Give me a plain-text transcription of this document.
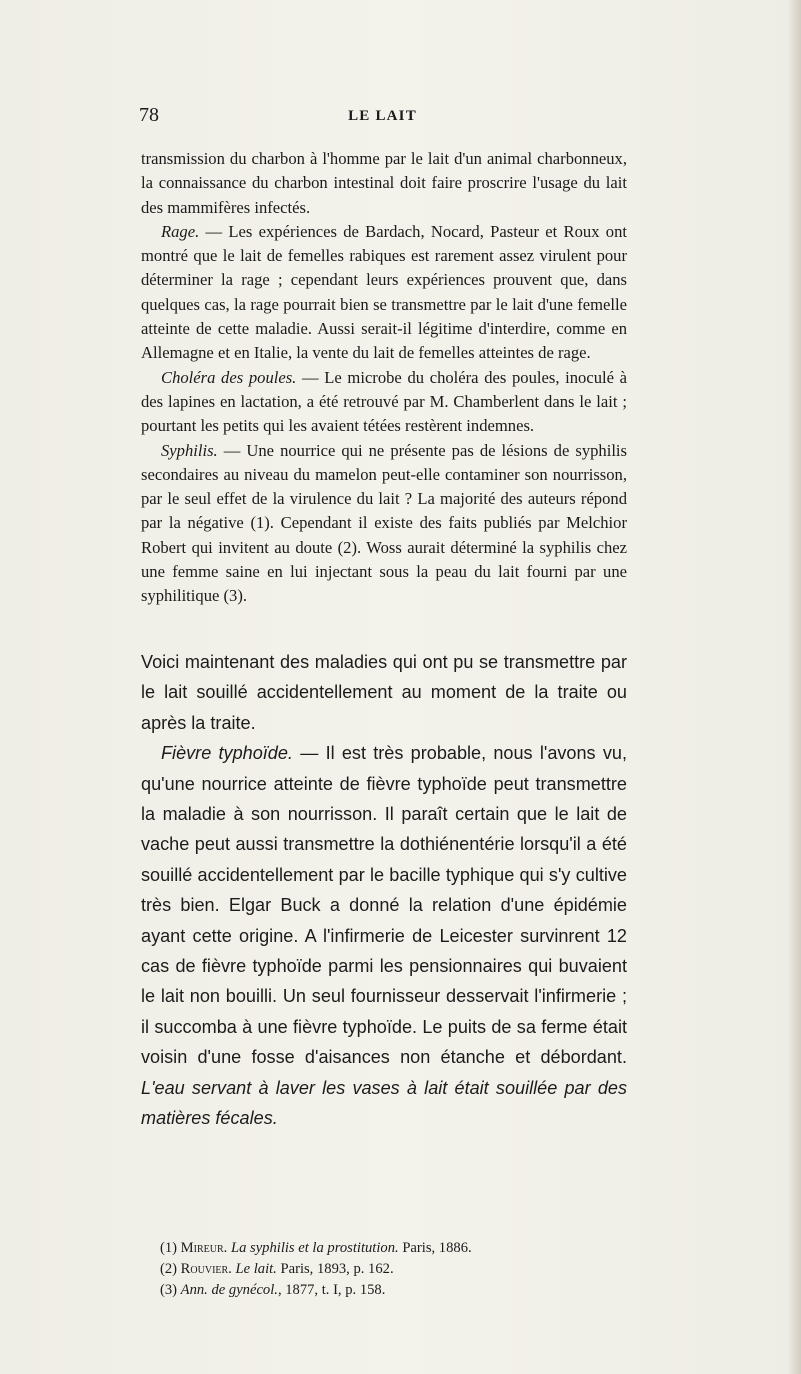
78	LE LAIT

transmission du charbon à l'homme par le lait d'un animal charbonneux, la connaissance du charbon intestinal doit faire proscrire l'usage du lait des mammifères infectés.

Rage. — Les expériences de Bardach, Nocard, Pasteur et Roux ont montré que le lait de femelles rabiques est rarement assez virulent pour déterminer la rage ; cependant leurs expériences prouvent que, dans quelques cas, la rage pourrait bien se transmettre par le lait d'une femelle atteinte de cette maladie. Aussi serait-il légitime d'interdire, comme en Allemagne et en Italie, la vente du lait de femelles atteintes de rage.

Choléra des poules. — Le microbe du choléra des poules, inoculé à des lapines en lactation, a été retrouvé par M. Chamberlent dans le lait ; pourtant les petits qui les avaient tétées restèrent indemnes.

Syphilis. — Une nourrice qui ne présente pas de lésions de syphilis secondaires au niveau du mamelon peut-elle contaminer son nourrisson, par le seul effet de la virulence du lait ? La majorité des auteurs répond par la négative (1). Cependant il existe des faits publiés par Melchior Robert qui invitent au doute (2). Woss aurait déterminé la syphilis chez une femme saine en lui injectant sous la peau du lait fourni par une syphilitique (3).

Voici maintenant des maladies qui ont pu se transmettre par le lait souillé accidentellement au moment de la traite ou après la traite.

Fièvre typhoïde. — Il est très probable, nous l'avons vu, qu'une nourrice atteinte de fièvre typhoïde peut transmettre la maladie à son nourrisson. Il paraît certain que le lait de vache peut aussi transmettre la dothiénentérie lorsqu'il a été souillé accidentellement par le bacille typhique qui s'y cultive très bien. Elgar Buck a donné la relation d'une épidémie ayant cette origine. A l'infirmerie de Leicester survinrent 12 cas de fièvre typhoïde parmi les pensionnaires qui buvaient le lait non bouilli. Un seul fournisseur desservait l'infirmerie ; il succomba à une fièvre typhoïde. Le puits de sa ferme était voisin d'une fosse d'aisances non étanche et débordant. L'eau servant à laver les vases à lait était souillée par des matières fécales.

(1) Mireur. La syphilis et la prostitution. Paris, 1886.

(2) Rouvier. Le lait. Paris, 1893, p. 162.

(3) Ann. de gynécol., 1877, t. I, p. 158.
